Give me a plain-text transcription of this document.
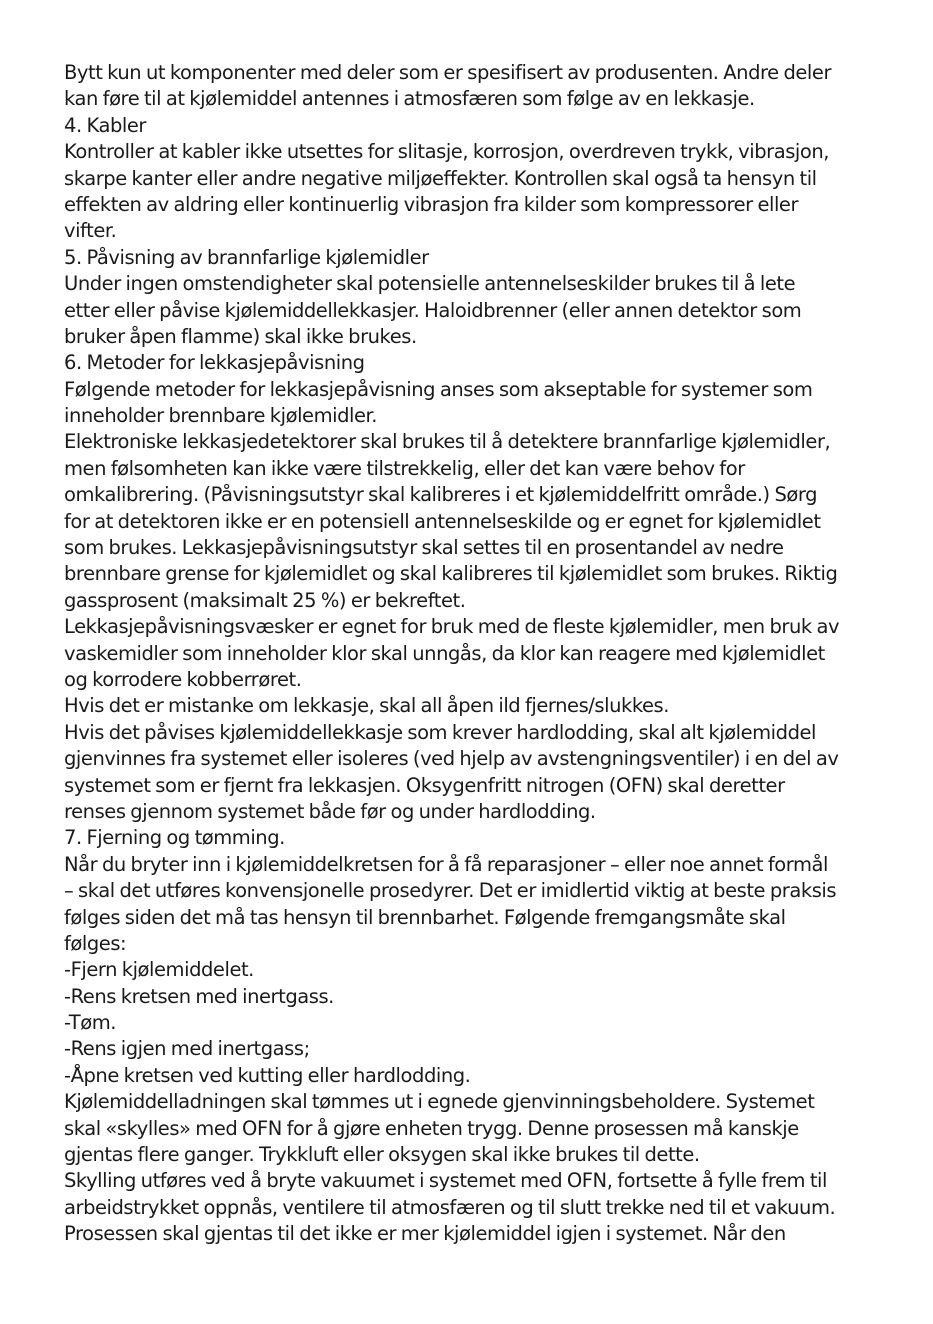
Bytt kun ut komponenter med deler som er spesifisert av produsenten. Andre deler
kan føre til at kjølemiddel antennes i atmosfæren som følge av en lekkasje.
4. Kabler
Kontroller at kabler ikke utsettes for slitasje, korrosjon, overdreven trykk, vibrasjon,
skarpe kanter eller andre negative miljøeffekter. Kontrollen skal også ta hensyn til
effekten av aldring eller kontinuerlig vibrasjon fra kilder som kompressorer eller
vifter.
5. Påvisning av brannfarlige kjølemidler
Under ingen omstendigheter skal potensielle antennelseskilder brukes til å lete
etter eller påvise kjølemiddellekkasjer. Haloidbrenner (eller annen detektor som
bruker åpen flamme) skal ikke brukes.
6. Metoder for lekkasjepåvisning
Følgende metoder for lekkasjepåvisning anses som akseptable for systemer som
inneholder brennbare kjølemidler.
Elektroniske lekkasjedetektorer skal brukes til å detektere brannfarlige kjølemidler,
men følsomheten kan ikke være tilstrekkelig, eller det kan være behov for
omkalibrering. (Påvisningsutstyr skal kalibreres i et kjølemiddelfritt område.) Sørg
for at detektoren ikke er en potensiell antennelseskilde og er egnet for kjølemidlet
som brukes. Lekkasjepåvisningsutstyr skal settes til en prosentandel av nedre
brennbare grense for kjølemidlet og skal kalibreres til kjølemidlet som brukes. Riktig
gassprosent (maksimalt 25 %) er bekreftet.
Lekkasjepåvisningsvæsker er egnet for bruk med de fleste kjølemidler, men bruk av
vaskemidler som inneholder klor skal unngås, da klor kan reagere med kjølemidlet
og korrodere kobberrøret.
Hvis det er mistanke om lekkasje, skal all åpen ild fjernes/slukkes.
Hvis det påvises kjølemiddellekkasje som krever hardlodding, skal alt kjølemiddel
gjenvinnes fra systemet eller isoleres (ved hjelp av avstengningsventiler) i en del av
systemet som er fjernt fra lekkasjen. Oksygenfritt nitrogen (OFN) skal deretter
renses gjennom systemet både før og under hardlodding.
7. Fjerning og tømming.
Når du bryter inn i kjølemiddelkretsen for å få reparasjoner – eller noe annet formål
– skal det utføres konvensjonelle prosedyrer. Det er imidlertid viktig at beste praksis
følges siden det må tas hensyn til brennbarhet. Følgende fremgangsmåte skal
følges:
-Fjern kjølemiddelet.
-Rens kretsen med inertgass.
-Tøm.
-Rens igjen med inertgass;
-Åpne kretsen ved kutting eller hardlodding.
Kjølemiddelladningen skal tømmes ut i egnede gjenvinningsbeholdere. Systemet
skal «skylles» med OFN for å gjøre enheten trygg. Denne prosessen må kanskje
gjentas flere ganger. Trykkluft eller oksygen skal ikke brukes til dette.
Skylling utføres ved å bryte vakuumet i systemet med OFN, fortsette å fylle frem til
arbeidstrykket oppnås, ventilere til atmosfæren og til slutt trekke ned til et vakuum.
Prosessen skal gjentas til det ikke er mer kjølemiddel igjen i systemet. Når den
